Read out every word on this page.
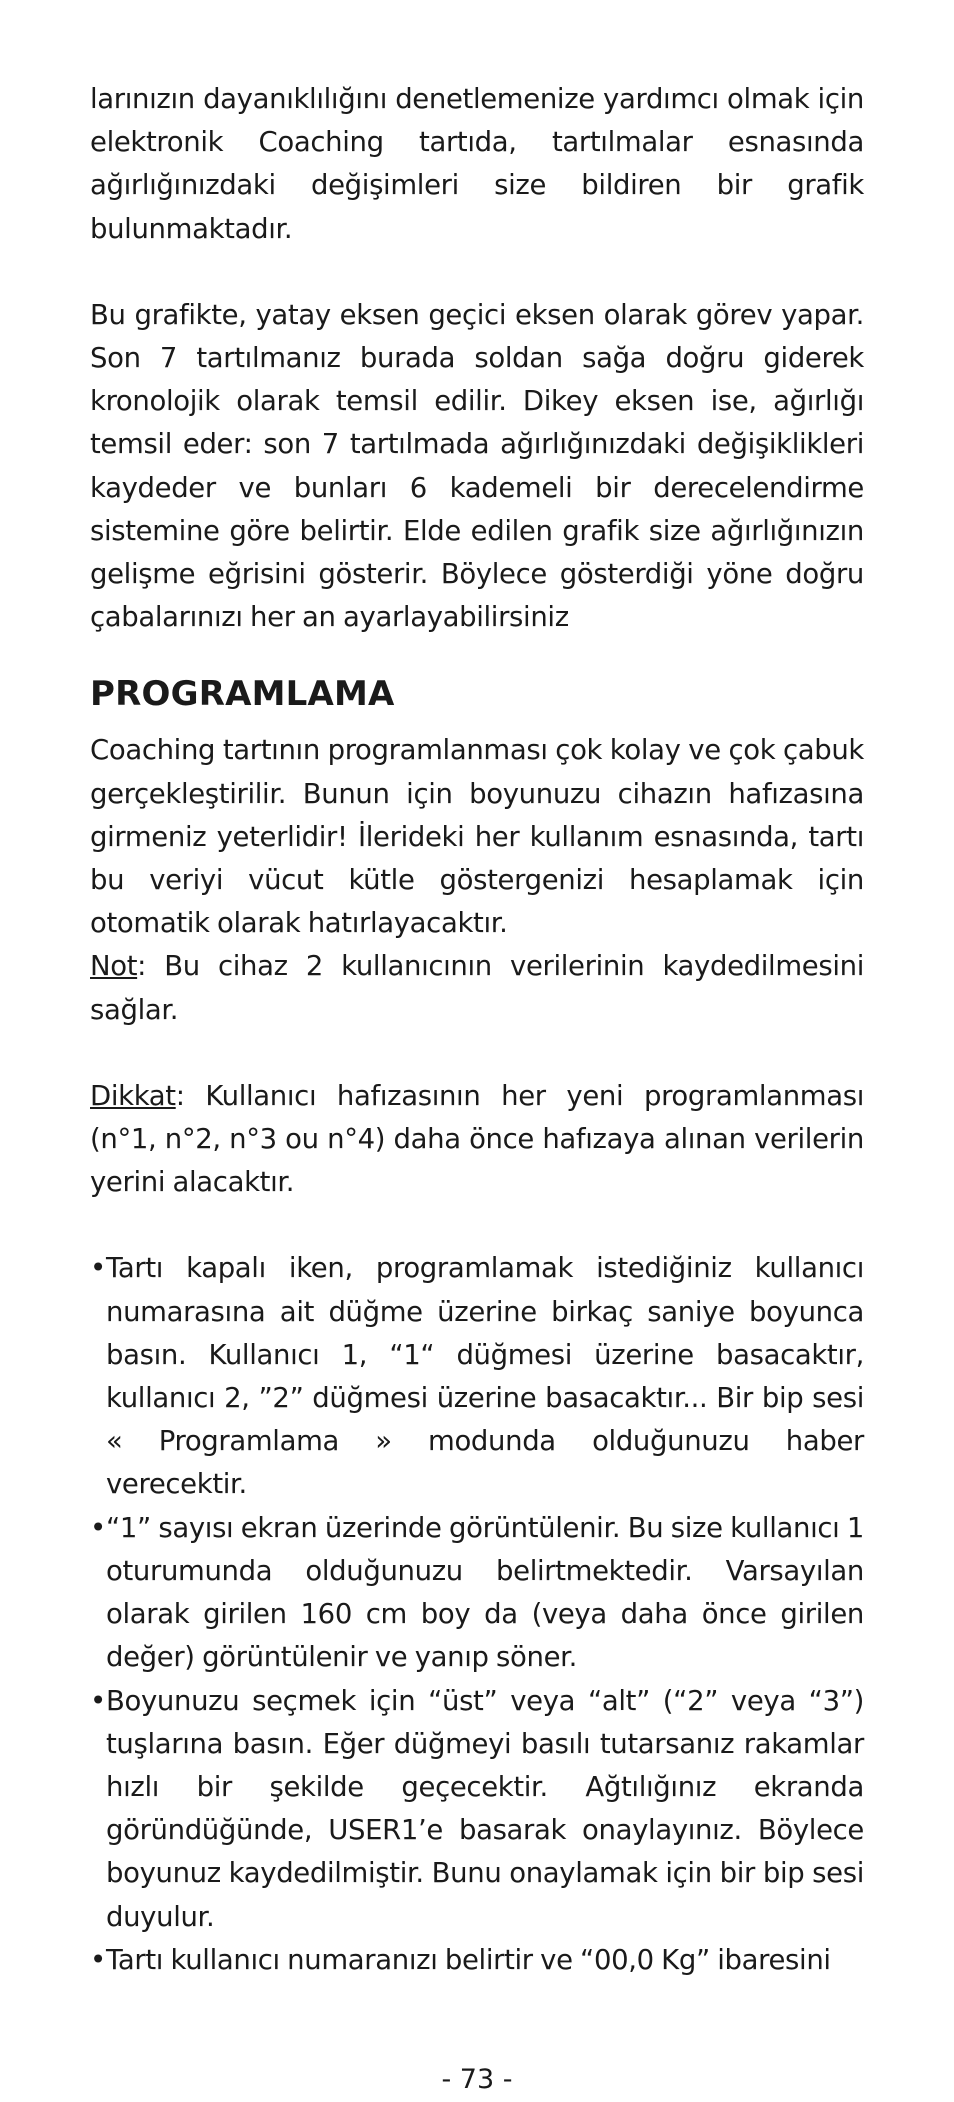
larınızın dayanıklılığını denetlemenize yardımcı olmak için elektronik Coaching tartıda, tartılmalar esnasında ağırlığınızdaki değişimleri size bildiren bir grafik bulunmaktadır.

Bu grafikte, yatay eksen geçici eksen olarak görev yapar. Son 7 tartılmanız burada soldan sağa doğru giderek kronolojik olarak temsil edilir. Dikey eksen ise, ağırlığı temsil eder: son 7 tartılmada ağırlığınızdaki değişiklikleri kaydeder ve bunları 6 kademeli bir derecelendirme sistemine göre belirtir. Elde edilen grafik size ağırlığınızın gelişme eğrisini gösterir. Böylece gösterdiği yöne doğru çabalarınızı her an ayarlayabilirsiniz

PROGRAMLAMA

Coaching tartının programlanması çok kolay ve çok çabuk gerçekleştirilir. Bunun için boyunuzu cihazın hafızasına girmeniz yeterlidir! İlerideki her kullanım esnasında, tartı bu veriyi vücut kütle göstergenizi hesaplamak için otomatik olarak hatırlayacaktır.

Not: Bu cihaz 2 kullanıcının verilerinin kaydedilmesini sağlar.

Dikkat: Kullanıcı hafızasının her yeni programlanması (n°1, n°2, n°3 ou n°4) daha önce hafızaya alınan verilerin yerini alacaktır.

• Tartı kapalı iken, programlamak istediğiniz kullanıcı numarasına ait düğme üzerine birkaç saniye boyunca basın. Kullanıcı 1, “1“ düğmesi üzerine basacaktır, kullanıcı 2, ”2” düğmesi üzerine basacaktır... Bir bip sesi « Programlama » modunda olduğunuzu haber verecektir.
• “1” sayısı ekran üzerinde görüntülenir. Bu size kullanıcı 1 oturumunda olduğunuzu belirtmektedir. Varsayılan olarak girilen 160 cm boy da (veya daha önce girilen değer) görüntülenir ve yanıp söner.
• Boyunuzu seçmek için “üst” veya “alt” (“2” veya “3”) tuşlarına basın. Eğer düğmeyi basılı tutarsanız rakamlar hızlı bir şekilde geçecektir. Ağtılığınız ekranda göründüğünde, USER1’e basarak onaylayınız. Böylece boyunuz kaydedilmiştir. Bunu onaylamak için bir bip sesi duyulur.
• Tartı kullanıcı numaranızı belirtir ve “00,0 Kg” ibaresini
- 73 -
